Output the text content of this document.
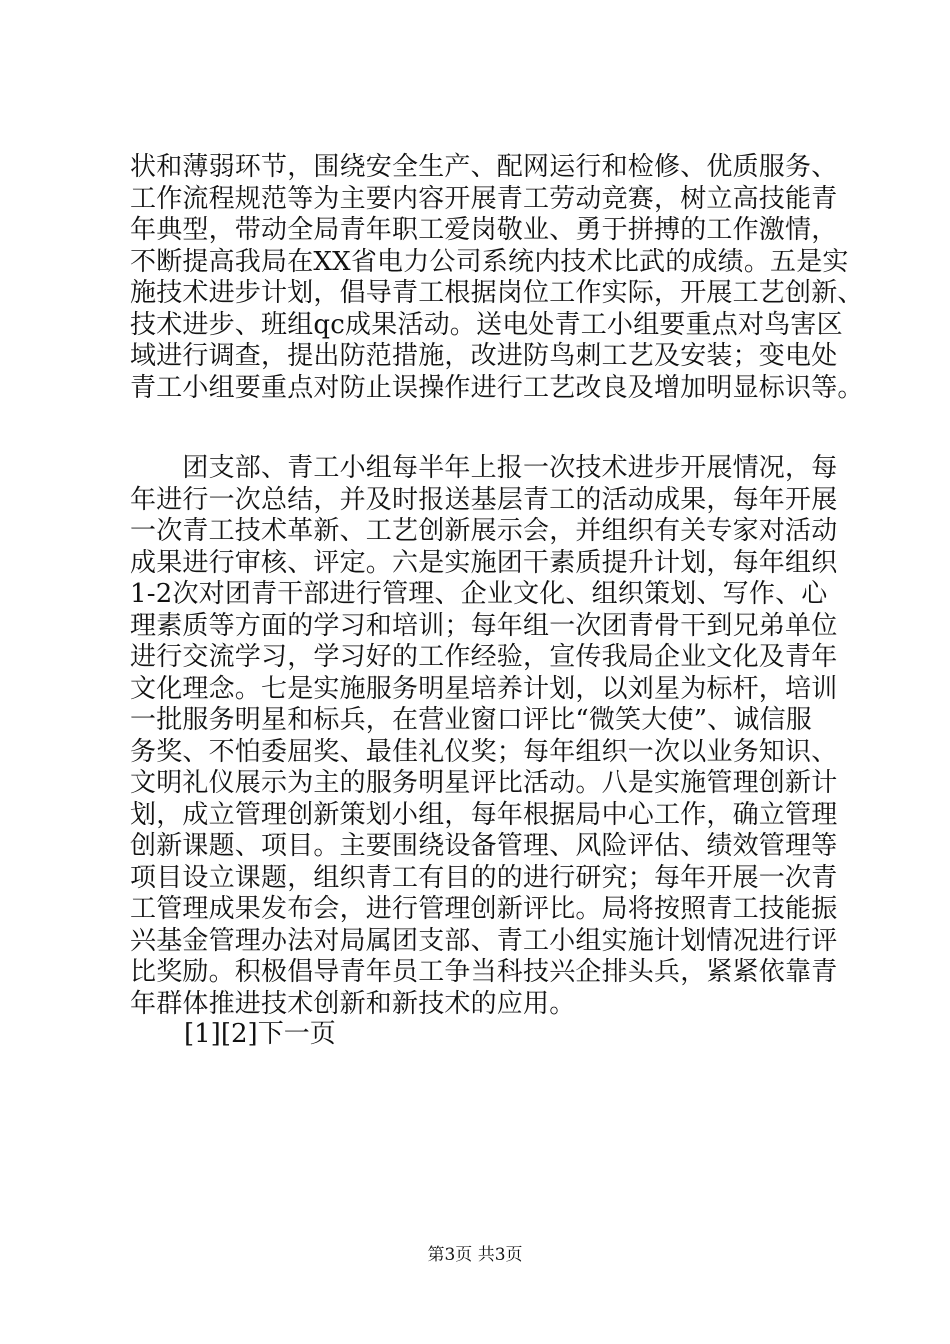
状和薄弱环节，围绕安全生产、配网运行和检修、优质服务、
工作流程规范等为主要内容开展青工劳动竞赛，树立高技能青
年典型，带动全局青年职工爱岗敬业、勇于拼搏的工作激情，
不断提高我局在XX省电力公司系统内技术比武的成绩。五是实
施技术进步计划，倡导青工根据岗位工作实际，开展工艺创新、
技术进步、班组qc成果活动。送电处青工小组要重点对鸟害区
域进行调查，提出防范措施，改进防鸟刺工艺及安装；变电处
青工小组要重点对防止误操作进行工艺改良及增加明显标识等。
　　团支部、青工小组每半年上报一次技术进步开展情况，每
年进行一次总结，并及时报送基层青工的活动成果，每年开展
一次青工技术革新、工艺创新展示会，并组织有关专家对活动
成果进行审核、评定。六是实施团干素质提升计划，每年组织
1-2次对团青干部进行管理、企业文化、组织策划、写作、心
理素质等方面的学习和培训；每年组一次团青骨干到兄弟单位
进行交流学习，学习好的工作经验，宣传我局企业文化及青年
文化理念。七是实施服务明星培养计划，以刘星为标杆，培训
一批服务明星和标兵，在营业窗口评比“微笑大使”、诚信服
务奖、不怕委屈奖、最佳礼仪奖；每年组织一次以业务知识、
文明礼仪展示为主的服务明星评比活动。八是实施管理创新计
划，成立管理创新策划小组，每年根据局中心工作，确立管理
创新课题、项目。主要围绕设备管理、风险评估、绩效管理等
项目设立课题，组织青工有目的的进行研究；每年开展一次青
工管理成果发布会，进行管理创新评比。局将按照青工技能振
兴基金管理办法对局属团支部、青工小组实施计划情况进行评
比奖励。积极倡导青年员工争当科技兴企排头兵，紧紧依靠青
年群体推进技术创新和新技术的应用。
[1][2]下一页
第3页 共3页
